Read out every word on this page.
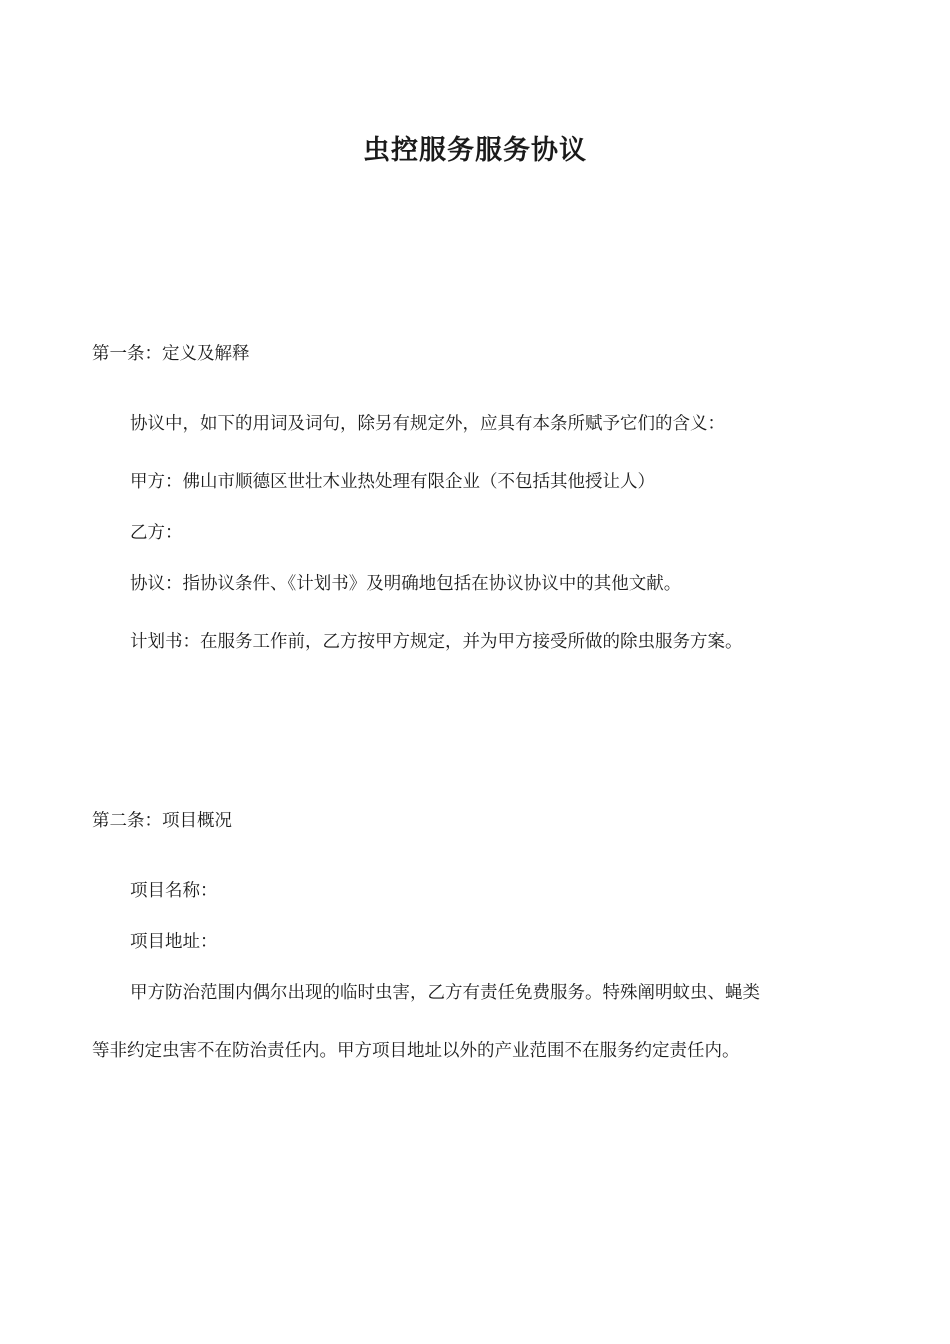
虫控服务服务协议
第一条：定义及解释
协议中，如下的用词及词句，除另有规定外，应具有本条所赋予它们的含义：
甲方：佛山市顺德区世壮木业热处理有限企业（不包括其他授让人）
乙方：
协议：指协议条件、《计划书》及明确地包括在协议协议中的其他文献。
计划书：在服务工作前，乙方按甲方规定，并为甲方接受所做的除虫服务方案。
第二条：项目概况
项目名称：
项目地址：
甲方防治范围内偶尔出现的临时虫害，乙方有责任免费服务。特殊阐明蚊虫、蝇类
等非约定虫害不在防治责任内。甲方项目地址以外的产业范围不在服务约定责任内。
